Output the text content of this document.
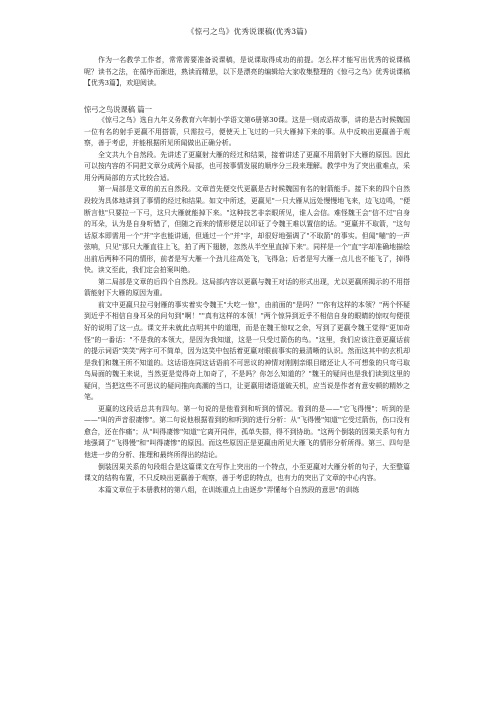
《惊弓之鸟》优秀说课稿(优秀3篇)

作为一名教学工作者，常常需要准备说课稿，是说课取得成功的前提。怎么样才能写出优秀的说课稿呢？读书之法，在循序而渐进，熟读而精思，以下是漂亮的编辑给大家收集整理的《惊弓之鸟》优秀说课稿【优秀3篇】，欢迎阅读。

惊弓之鸟说课稿 篇一

《惊弓之鸟》选自九年义务教育六年制小学语文第6册第30课。这是一则成语故事，讲的是古时候魏国一位有名的射手更羸不用搭箭，只需拉弓，便使天上飞过的一只大雁掉下来的事。从中反映出更羸善于观察，善于考虑，并能根据所见所闻做出正确分析。

全文共九个自然段。先讲述了更羸射大雁的经过和结果，接着讲述了更羸不用箭射下大雁的原因。因此可以按内容的不同把文章分成两个局部，也可按事情发展的顺序分三段来理解。教学中为了突出重难点，采用分两局部的方式比较合适。

第一局部是文章的前五自然段。文章首先便交代更羸是古时候魏国有名的射箭能手。接下来的四个自然段较为具体地讲到了事情的经过和结果。如文中所述，更羸见"一只大雁从远处慢慢地飞来，边飞边鸣，"便断言他"只要拉一下弓，这只大雁就能掉下来。"这种技艺非亲眼所见，谁人会信。难怪魏王会"信不过"自身的耳朵，认为是自身听错了，但随之而来的情形便足以印证了令魏王难以置信的话。"更羸并不取箭，"这句话原本即需用一个"并"字也能讲通，但通过一个"并"字，却很好地强调了"不取箭"的事实。但闻"嘣"的一声弦响，只见"那只大雁直往上飞，拍了两下翅膀，忽然从半空里直掉下来"。同样是一个"直"字却准确地描绘出前后两种不同的情形，前者是写大雁一个劲儿往高处飞，飞得急；后者是写大雁一点儿也不能飞了，掉得快。读文至此，我们定会拍案叫绝。

第二局部是文章的后四个自然段。这局部内容以更羸与魏王对话的形式出现，尤以更羸所揭示的不用搭箭能射下大雁的原因为重。

前文中更羸只拉弓射雁的事实着实令魏王"大吃一惊"，由前面的"是吗？""你有这样的本领？"两个怀疑到近乎不相信自身耳朵的问句到"啊！""真有这样的本领！"两个惊异到近乎不相信自身的眼睛的惊叹句便很好的说明了这一点。课文并未就此点明其中的道理，而是在魏王惊叹之余，写到了更羸令魏王觉得"更加奇怪"的一番话："不是我的本领大，是因为我知道，这是一只受过箭伤的鸟。"这里，我们应该注意更羸话前的提示词语"笑笑"两字可不简单，因为这笑中包括着更羸对眼前事实的最清晰的认识。然而这其中的玄机却是我们和魏王所不知道的。这话语连同这话语前不可思议的神情对刚刚亲眼目睹还让人不可想象的只弯弓取鸟局面的魏王来说，当然更是觉得奇上加奇了，不是吗？你怎么知道的？"魏王的疑问也是我们读到这里的疑问，当把这些不可思议的疑问推向高潮的当口，让更羸用诸语道破天机，应当说是作者有意安顿的精妙之笔。

更羸的这段话总共有四句。第一句说的是他看到和听到的情况。看到的是——"它飞得慢"；听到的是——"叫的声音很凄惨"。第二句说他根据看到的和听到的进行分析：从"飞得慢"知道"它受过箭伤，伤口没有愈合，还在作痛"；从"叫得凄惨"知道"它离开同伴，孤单失群，得不到协助。"这两个倒装的因果关系句有力地强调了"飞得慢"和"叫得凄惨"的原因。而这些原因正是更羸由所见大雁飞的情形分析所得。第三、四句是他进一步的分析、推理和最终所得出的结论。

倒装因果关系的句段组合是这篇课文在写作上突出的一个特点，小至更羸对大雁分析的句子，大至整篇课文的结构布置，不只反映出更羸善于观察，善于考虑的特点，也有力的突出了文章的中心内容。

本篇文章位于本册教材的第八组，在训练重点上由逐步"弄懂每个自然段的意思"的训练
